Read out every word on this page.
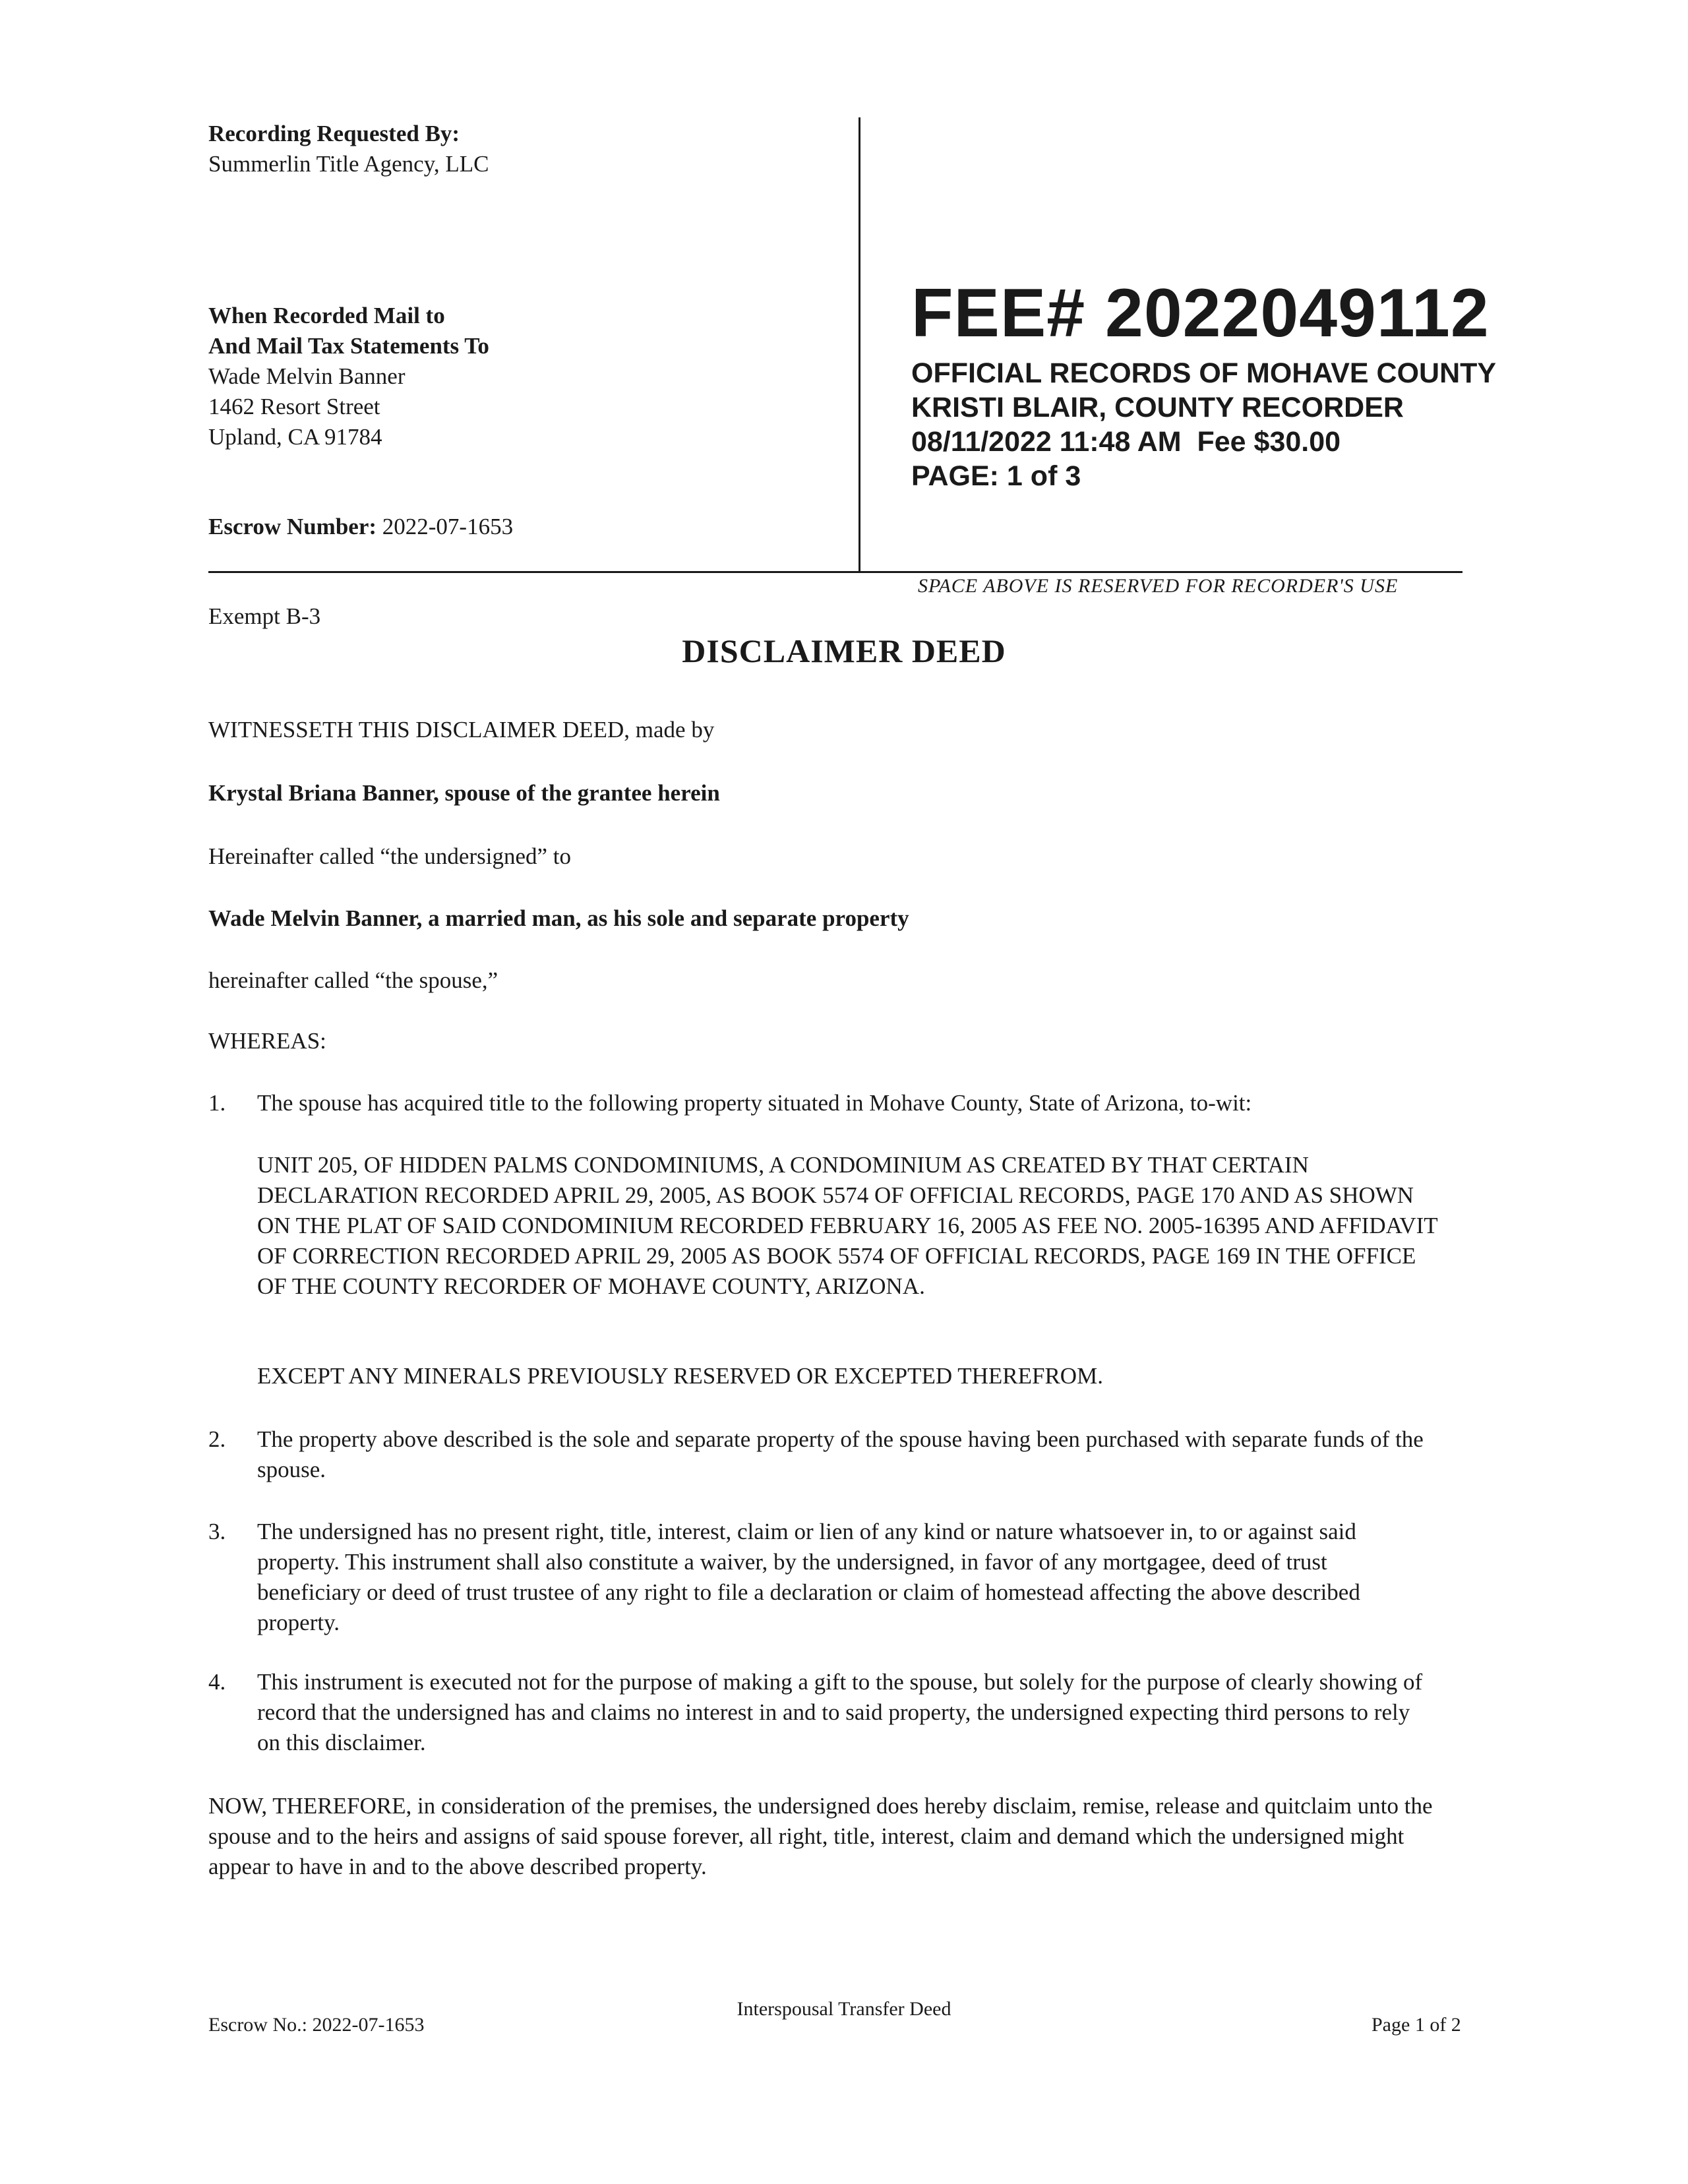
Recording Requested By:
Summerlin Title Agency, LLC
When Recorded Mail to
And Mail Tax Statements To
Wade Melvin Banner
1462 Resort Street
Upland, CA 91784
Escrow Number: 2022-07-1653
FEE# 2022049112
OFFICIAL RECORDS OF MOHAVE COUNTY
KRISTI BLAIR, COUNTY RECORDER
08/11/2022 11:48 AM  Fee $30.00
PAGE: 1 of 3
SPACE ABOVE IS RESERVED FOR RECORDER'S USE
Exempt B-3
DISCLAIMER DEED
WITNESSETH THIS DISCLAIMER DEED, made by
Krystal Briana Banner, spouse of the grantee herein
Hereinafter called “the undersigned” to
Wade Melvin Banner, a married man, as his sole and separate property
hereinafter called “the spouse,”
WHEREAS:
1.	The spouse has acquired title to the following property situated in Mohave County, State of Arizona, to-wit:
UNIT 205, OF HIDDEN PALMS CONDOMINIUMS, A CONDOMINIUM AS CREATED BY THAT CERTAIN DECLARATION RECORDED APRIL 29, 2005, AS BOOK 5574 OF OFFICIAL RECORDS, PAGE 170 AND AS SHOWN ON THE PLAT OF SAID CONDOMINIUM RECORDED FEBRUARY 16, 2005 AS FEE NO. 2005-16395 AND AFFIDAVIT OF CORRECTION RECORDED APRIL 29, 2005 AS BOOK 5574 OF OFFICIAL RECORDS, PAGE 169 IN THE OFFICE OF THE COUNTY RECORDER OF MOHAVE COUNTY, ARIZONA.
EXCEPT ANY MINERALS PREVIOUSLY RESERVED OR EXCEPTED THEREFROM.
2.	The property above described is the sole and separate property of the spouse having been purchased with separate funds of the spouse.
3.	The undersigned has no present right, title, interest, claim or lien of any kind or nature whatsoever in, to or against said property. This instrument shall also constitute a waiver, by the undersigned, in favor of any mortgagee, deed of trust beneficiary or deed of trust trustee of any right to file a declaration or claim of homestead affecting the above described property.
4.	This instrument is executed not for the purpose of making a gift to the spouse, but solely for the purpose of clearly showing of record that the undersigned has and claims no interest in and to said property, the undersigned expecting third persons to rely on this disclaimer.
NOW, THEREFORE, in consideration of the premises, the undersigned does hereby disclaim, remise, release and quitclaim unto the spouse and to the heirs and assigns of said spouse forever, all right, title, interest, claim and demand which the undersigned might appear to have in and to the above described property.
Escrow No.: 2022-07-1653
Interspousal Transfer Deed
Page 1 of 2
